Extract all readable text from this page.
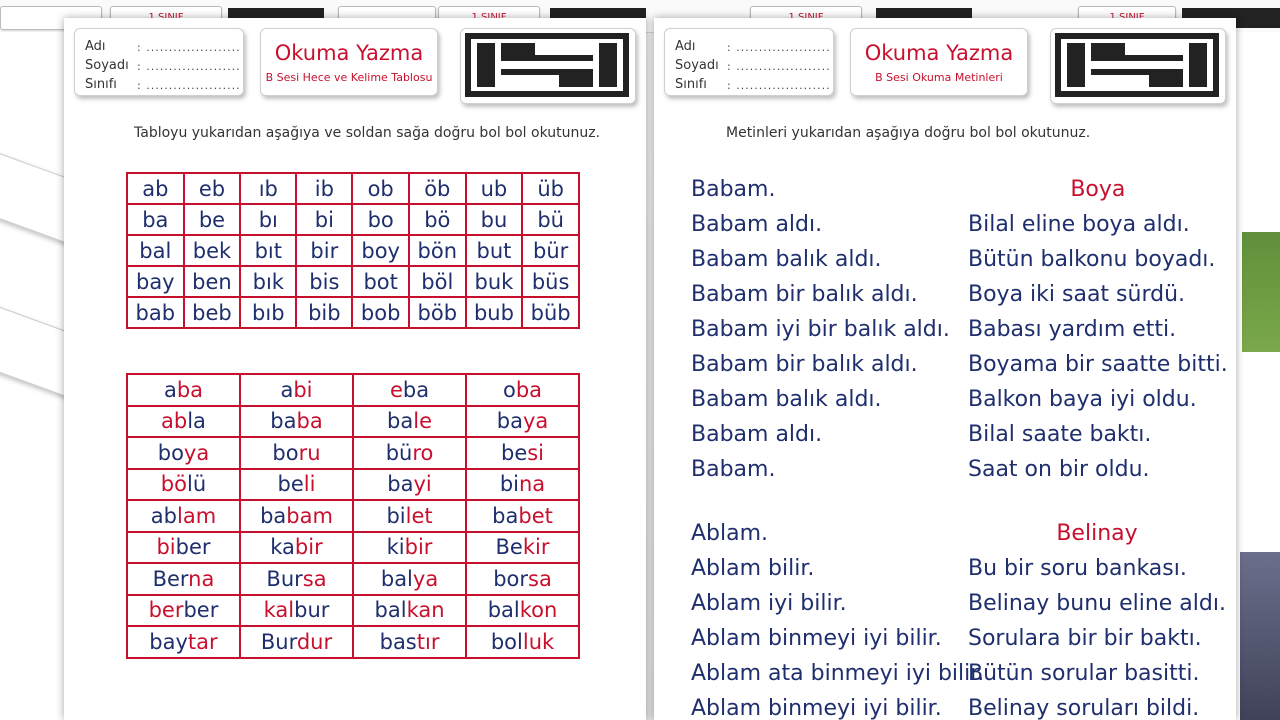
Adı
Soyadı
Sınıfı
: .....................
: .....................
: .....................
Okuma Yazma
B Sesi Hece ve Kelime Tablosu
Tabloyu yukarıdan aşağıya ve soldan sağa doğru bol bol okutunuz.
ab	eb	ıb	ib	ob	öb	ub	üb
ba	be	bı	bi	bo	bö	bu	bü
bal	bek	bıt	bir	boy	bön	but	bür
bay	ben	bık	bis	bot	böl	buk	büs
bab	beb	bıb	bib	bob	böb	bub	büb
aba	abi	eba	oba
abla	baba	bale	baya
boya	boru	büro	besi
bölü	beli	bayi	bina
ablam	babam	bilet	babet
biber	kabir	kibir	Bekir
Berna	Bursa	balya	borsa
berber	kalbur	balkan	balkon
baytar	Burdur	bastır	bolluk
Adı
Soyadı
Sınıfı
: .....................
: .....................
: .....................
Okuma Yazma
B Sesi Okuma Metinleri
Metinleri yukarıdan aşağıya doğru bol bol okutunuz.
Babam.
Babam aldı.
Babam balık aldı.
Babam bir balık aldı.
Babam iyi bir balık aldı.
Babam bir balık aldı.
Babam balık aldı.
Babam aldı.
Babam.
Ablam.
Ablam bilir.
Ablam iyi bilir.
Ablam binmeyi iyi bilir.
Ablam ata binmeyi iyi bilir.
Ablam binmeyi iyi bilir.
Boya
Bilal eline boya aldı.
Bütün balkonu boyadı.
Boya iki saat sürdü.
Babası yardım etti.
Boyama bir saatte bitti.
Balkon baya iyi oldu.
Bilal saate baktı.
Saat on bir oldu.
Belinay
Bu bir soru bankası.
Belinay bunu eline aldı.
Sorulara bir bir baktı.
Bütün sorular basitti.
Belinay soruları bildi.
